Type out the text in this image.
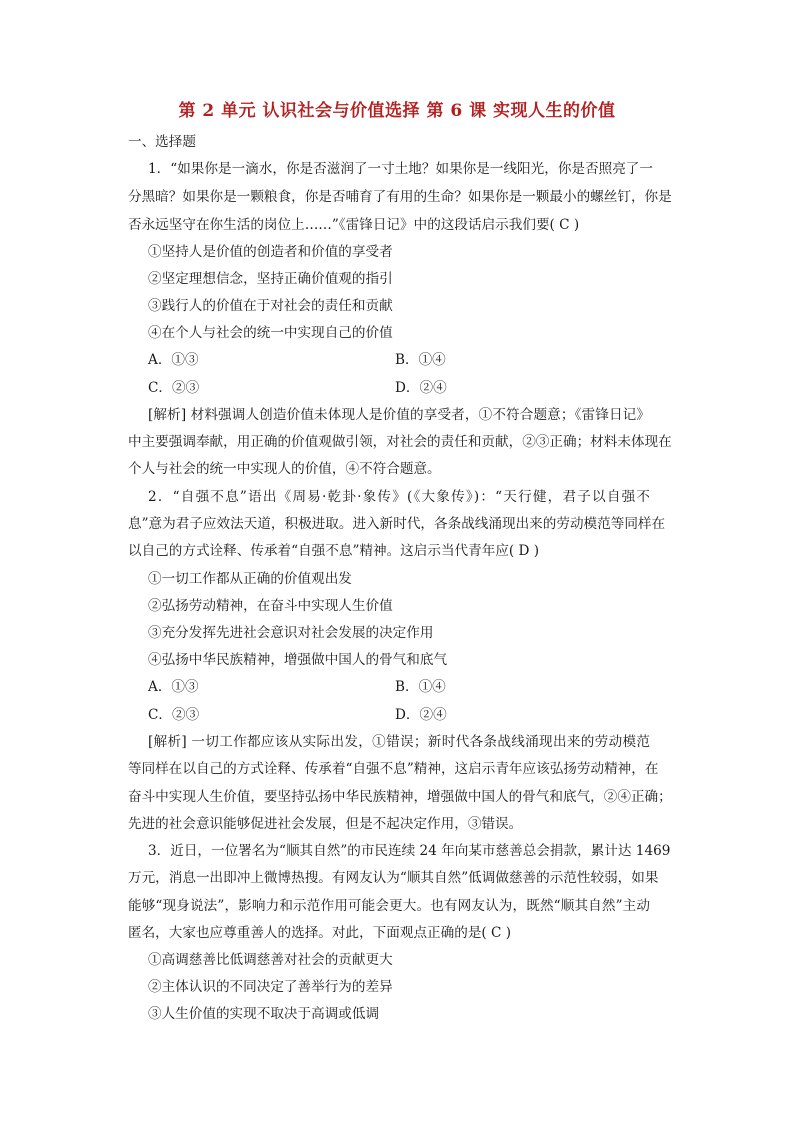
第 2 单元 认识社会与价值选择 第 6 课 实现人生的价值
一、选择题
1．“如果你是一滴水，你是否滋润了一寸土地？如果你是一线阳光，你是否照亮了一
分黑暗？如果你是一颗粮食，你是否哺育了有用的生命？如果你是一颗最小的螺丝钉，你是
否永远坚守在你生活的岗位上……”《雷锋日记》中的这段话启示我们要( C )
①坚持人是价值的创造者和价值的享受者
②坚定理想信念，坚持正确价值观的指引
③践行人的价值在于对社会的责任和贡献
④在个人与社会的统一中实现自己的价值
A．①③	B．①④
C．②③	D．②④
[解析] 材料强调人创造价值未体现人是价值的享受者，①不符合题意；《雷锋日记》
中主要强调奉献，用正确的价值观做引领，对社会的责任和贡献，②③正确；材料未体现在
个人与社会的统一中实现人的价值，④不符合题意。
2．“自强不息”语出《周易·乾卦·象传》(《大象传》)：“天行健，君子以自强不
息”意为君子应效法天道，积极进取。进入新时代，各条战线涌现出来的劳动模范等同样在
以自己的方式诠释、传承着“自强不息”精神。这启示当代青年应( D )
①一切工作都从正确的价值观出发
②弘扬劳动精神，在奋斗中实现人生价值
③充分发挥先进社会意识对社会发展的决定作用
④弘扬中华民族精神，增强做中国人的骨气和底气
A．①③	B．①④
C．②③	D．②④
[解析] 一切工作都应该从实际出发，①错误；新时代各条战线涌现出来的劳动模范
等同样在以自己的方式诠释、传承着“自强不息”精神，这启示青年应该弘扬劳动精神，在
奋斗中实现人生价值，要坚持弘扬中华民族精神，增强做中国人的骨气和底气，②④正确；
先进的社会意识能够促进社会发展，但是不起决定作用，③错误。
3．近日，一位署名为“顺其自然”的市民连续 24 年向某市慈善总会捐款，累计达 1469
万元，消息一出即冲上微博热搜。有网友认为“顺其自然”低调做慈善的示范性较弱，如果
能够“现身说法”，影响力和示范作用可能会更大。也有网友认为，既然“顺其自然”主动
匿名，大家也应尊重善人的选择。对此，下面观点正确的是( C )
①高调慈善比低调慈善对社会的贡献更大
②主体认识的不同决定了善举行为的差异
③人生价值的实现不取决于高调或低调
